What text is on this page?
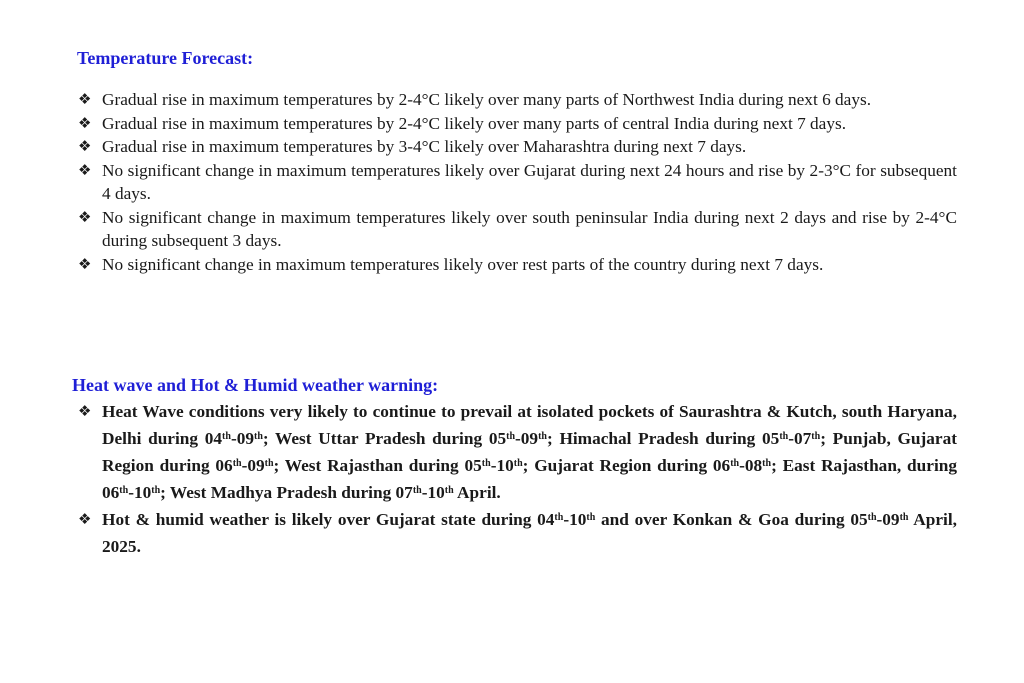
Temperature Forecast:
❖ Gradual rise in maximum temperatures by 2-4°C likely over many parts of Northwest India during next 6 days.
❖ Gradual rise in maximum temperatures by 2-4°C likely over many parts of central India during next 7 days.
❖ Gradual rise in maximum temperatures by 3-4°C likely over Maharashtra during next 7 days.
❖ No significant change in maximum temperatures likely over Gujarat during next 24 hours and rise by 2-3°C for subsequent 4 days.
❖ No significant change in maximum temperatures likely over south peninsular India during next 2 days and rise by 2-4°C during subsequent 3 days.
❖ No significant change in maximum temperatures likely over rest parts of the country during next 7 days.
Heat wave and Hot & Humid weather warning:
❖ Heat Wave conditions very likely to continue to prevail at isolated pockets of Saurashtra & Kutch, south Haryana, Delhi during 04th-09th; West Uttar Pradesh during 05th-09th; Himachal Pradesh during 05th-07th; Punjab, Gujarat Region during 06th-09th; West Rajasthan during 05th-10th; Gujarat Region during 06th-08th; East Rajasthan, during 06th-10th; West Madhya Pradesh during 07th-10th April.
❖ Hot & humid weather is likely over Gujarat state during 04th-10th and over Konkan & Goa during 05th-09th April, 2025.
